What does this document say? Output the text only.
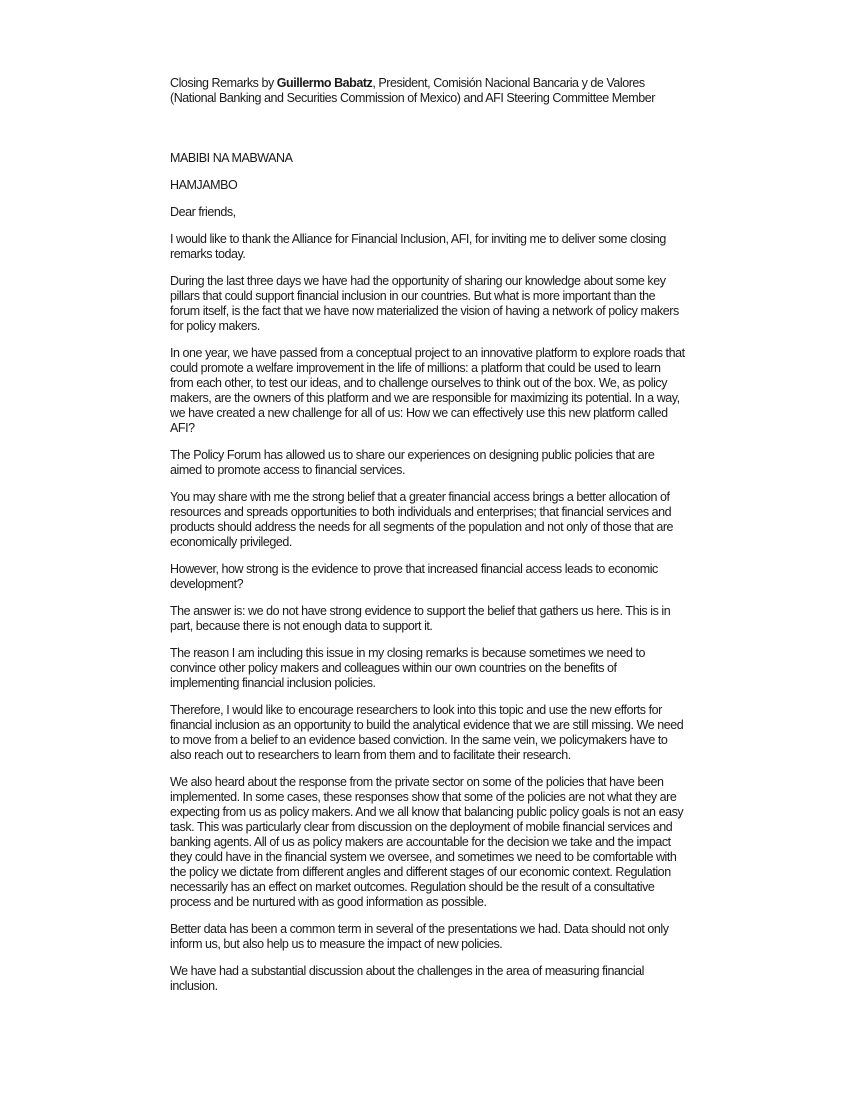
Closing Remarks by Guillermo Babatz, President, Comisión Nacional Bancaria y de Valores (National Banking and Securities Commission of Mexico) and AFI Steering Committee Member

MABIBI NA MABWANA

HAMJAMBO

Dear friends,

I would like to thank the Alliance for Financial Inclusion, AFI, for inviting me to deliver some closing remarks today.

During the last three days we have had the opportunity of sharing our knowledge about some key pillars that could support financial inclusion in our countries. But what is more important than the forum itself, is the fact that we have now materialized the vision of having a network of policy makers for policy makers.

In one year, we have passed from a conceptual project to an innovative platform to explore roads that could promote a welfare improvement in the life of millions: a platform that could be used to learn from each other, to test our ideas, and to challenge ourselves to think out of the box. We, as policy makers, are the owners of this platform and we are responsible for maximizing its potential. In a way, we have created a new challenge for all of us: How we can effectively use this new platform called AFI?

The Policy Forum has allowed us to share our experiences on designing public policies that are aimed to promote access to financial services.

You may share with me the strong belief that a greater financial access brings a better allocation of resources and spreads opportunities to both individuals and enterprises; that financial services and products should address the needs for all segments of the population and not only of those that are economically privileged.

However, how strong is the evidence to prove that increased financial access leads to economic development?

The answer is: we do not have strong evidence to support the belief that gathers us here. This is in part, because there is not enough data to support it.

The reason I am including this issue in my closing remarks is because sometimes we need to convince other policy makers and colleagues within our own countries on the benefits of implementing financial inclusion policies.

Therefore, I would like to encourage researchers to look into this topic and use the new efforts for financial inclusion as an opportunity to build the analytical evidence that we are still missing. We need to move from a belief to an evidence based conviction. In the same vein, we policymakers have to also reach out to researchers to learn from them and to facilitate their research.

We also heard about the response from the private sector on some of the policies that have been implemented. In some cases, these responses show that some of the policies are not what they are expecting from us as policy makers. And we all know that balancing public policy goals is not an easy task. This was particularly clear from discussion on the deployment of mobile financial services and banking agents. All of us as policy makers are accountable for the decision we take and the impact they could have in the financial system we oversee, and sometimes we need to be comfortable with the policy we dictate from different angles and different stages of our economic context. Regulation necessarily has an effect on market outcomes. Regulation should be the result of a consultative process and be nurtured with as good information as possible.

Better data has been a common term in several of the presentations we had. Data should not only inform us, but also help us to measure the impact of new policies.

We have had a substantial discussion about the challenges in the area of measuring financial inclusion.
